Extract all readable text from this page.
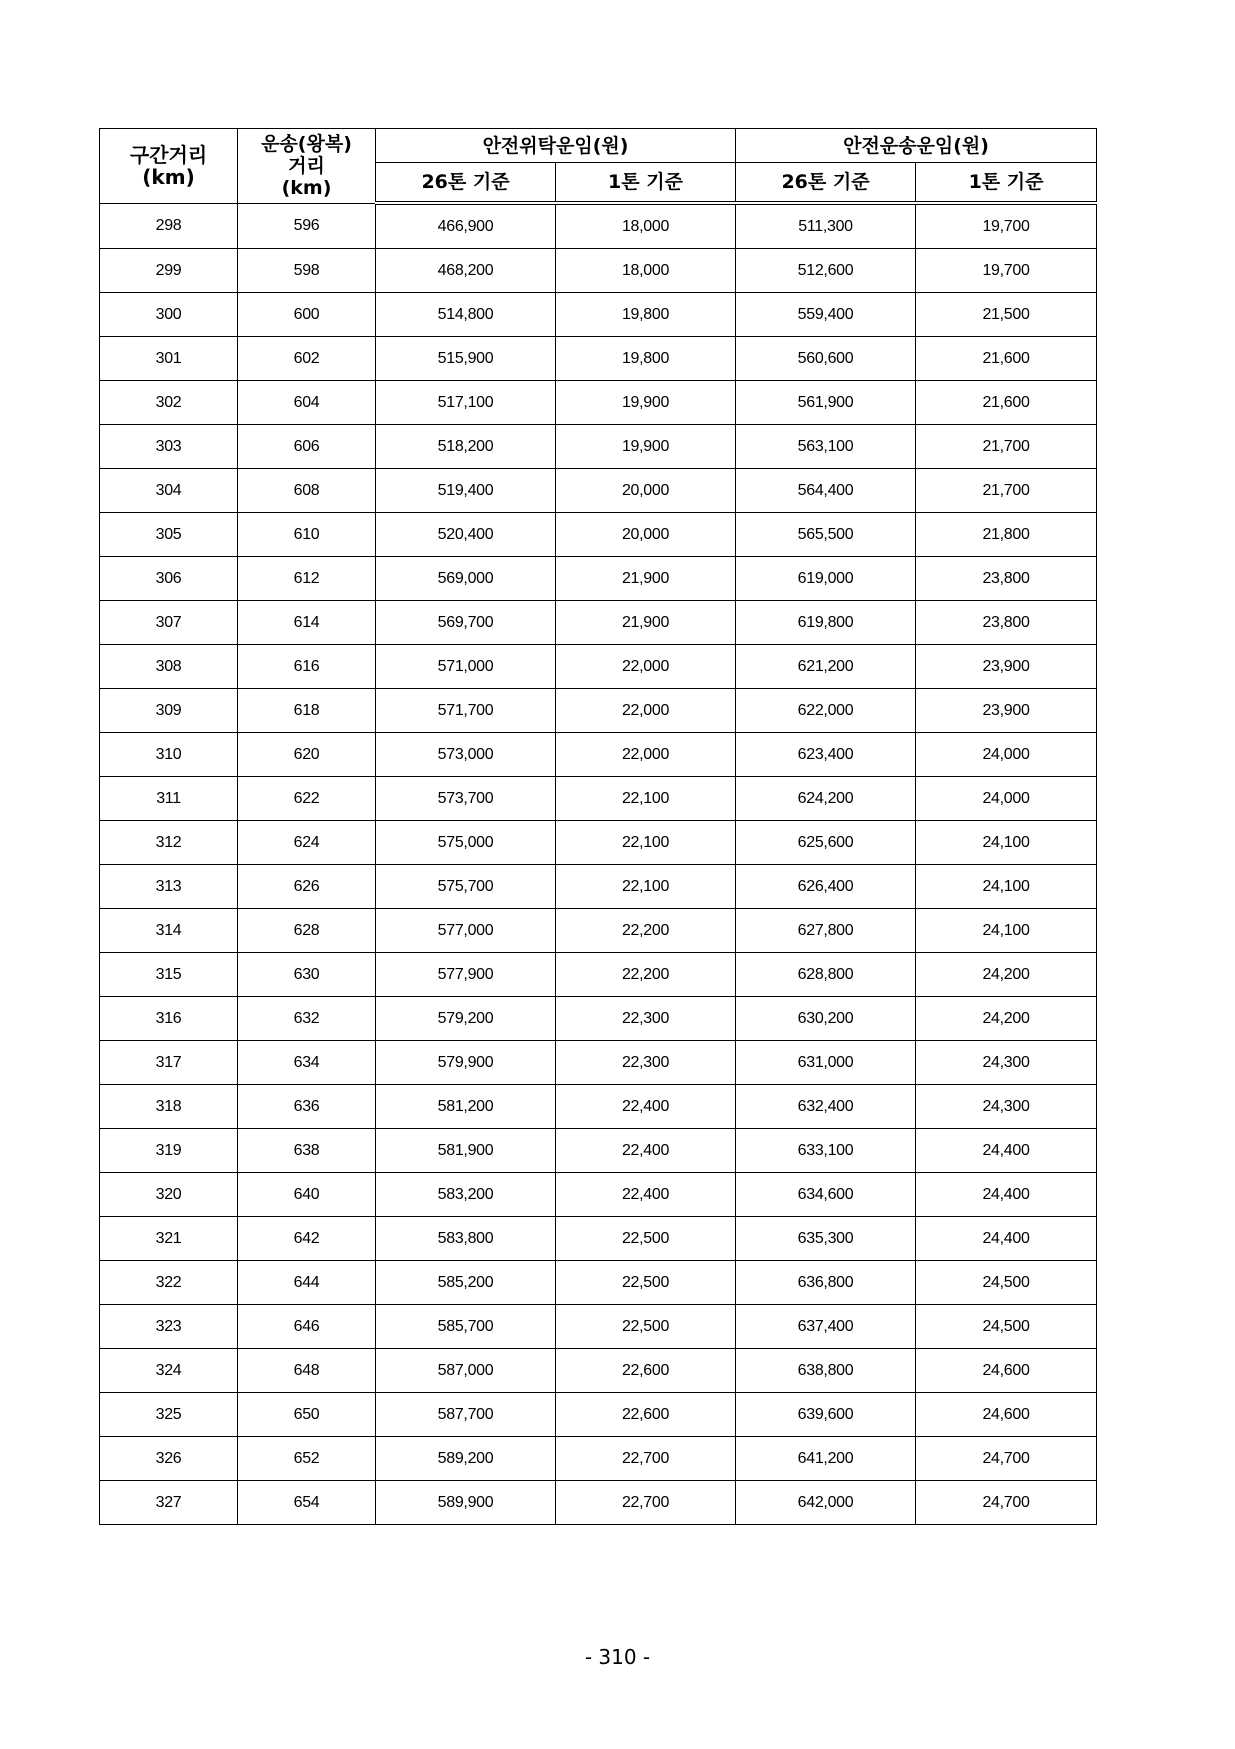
구간거리
(km)	운송(왕복)
거리
(km)	안전위탁운임(원)		안전운송운임(원)	
		26톤 기준	1톤 기준	26톤 기준	1톤 기준
298	596	466,900	18,000	511,300	19,700
299	598	468,200	18,000	512,600	19,700
300	600	514,800	19,800	559,400	21,500
301	602	515,900	19,800	560,600	21,600
302	604	517,100	19,900	561,900	21,600
303	606	518,200	19,900	563,100	21,700
304	608	519,400	20,000	564,400	21,700
305	610	520,400	20,000	565,500	21,800
306	612	569,000	21,900	619,000	23,800
307	614	569,700	21,900	619,800	23,800
308	616	571,000	22,000	621,200	23,900
309	618	571,700	22,000	622,000	23,900
310	620	573,000	22,000	623,400	24,000
311	622	573,700	22,100	624,200	24,000
312	624	575,000	22,100	625,600	24,100
313	626	575,700	22,100	626,400	24,100
314	628	577,000	22,200	627,800	24,100
315	630	577,900	22,200	628,800	24,200
316	632	579,200	22,300	630,200	24,200
317	634	579,900	22,300	631,000	24,300
318	636	581,200	22,400	632,400	24,300
319	638	581,900	22,400	633,100	24,400
320	640	583,200	22,400	634,600	24,400
321	642	583,800	22,500	635,300	24,400
322	644	585,200	22,500	636,800	24,500
323	646	585,700	22,500	637,400	24,500
324	648	587,000	22,600	638,800	24,600
325	650	587,700	22,600	639,600	24,600
326	652	589,200	22,700	641,200	24,700
327	654	589,900	22,700	642,000	24,700
- 310 -
